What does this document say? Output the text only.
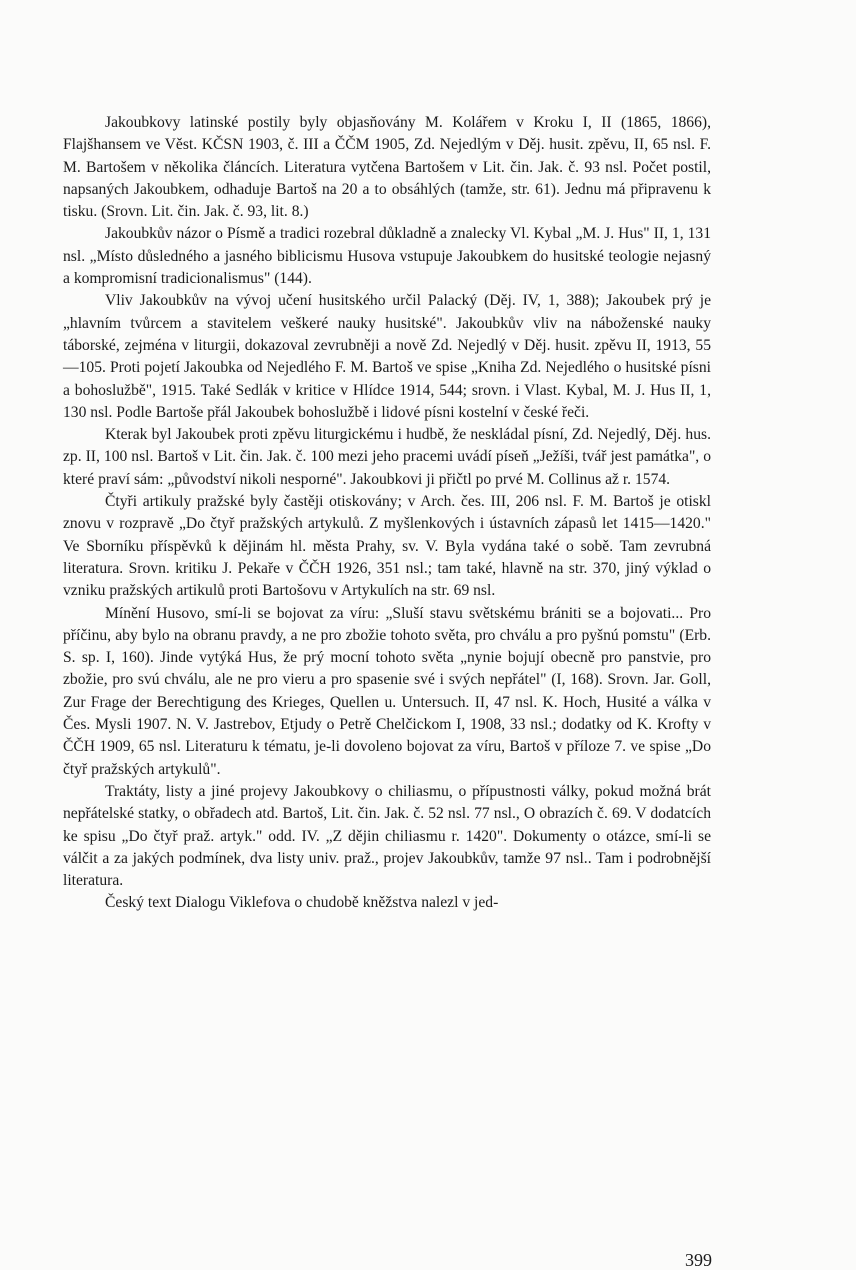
Jakoubkovy latinské postily byly objasňovány M. Kolářem v Kroku I, II (1865, 1866), Flajšhansem ve Věst. KČSN 1903, č. III a ČČM 1905, Zd. Nejedlým v Děj. husit. zpěvu, II, 65 nsl. F. M. Bartošem v několika článcích. Literatura vytčena Bartošem v Lit. čin. Jak. č. 93 nsl. Počet postil, napsaných Jakoubkem, odhaduje Bartoš na 20 a to obsáhlých (tamže, str. 61). Jednu má připravenu k tisku. (Srovn. Lit. čin. Jak. č. 93, lit. 8.)

Jakoubkův názor o Písmě a tradici rozebral důkladně a znalecky Vl. Kybal „M. J. Hus" II, 1, 131 nsl. „Místo důsledného a jasného biblicismu Husova vstupuje Jakoubkem do husitské teologie nejasný a kompromisní tradicionalismus" (144).

Vliv Jakoubkův na vývoj učení husitského určil Palacký (Děj. IV, 1, 388); Jakoubek prý je „hlavním tvůrcem a stavitelem veškeré nauky husitské". Jakoubkův vliv na náboženské nauky táborské, zejména v liturgii, dokazoval zevrubněji a nově Zd. Nejedlý v Děj. husit. zpěvu II, 1913, 55—105. Proti pojetí Jakoubka od Nejedlého F. M. Bartoš ve spise „Kniha Zd. Nejedlého o husitské písni a bohoslužbě", 1915. Také Sedlák v kritice v Hlídce 1914, 544; srovn. i Vlast. Kybal, M. J. Hus II, 1, 130 nsl. Podle Bartoše přál Jakoubek bohoslužbě i lidové písni kostelní v české řeči.

Kterak byl Jakoubek proti zpěvu liturgickému i hudbě, že neskládal písní, Zd. Nejedlý, Děj. hus. zp. II, 100 nsl. Bartoš v Lit. čin. Jak. č. 100 mezi jeho pracemi uvádí píseň „Ježíši, tvář jest památka", o které praví sám: „původství nikoli nesporné". Jakoubkovi ji přičtl po prvé M. Collinus až r. 1574.

Čtyři artikuly pražské byly častěji otiskovány; v Arch. čes. III, 206 nsl. F. M. Bartoš je otiskl znovu v rozpravě „Do čtyř pražských artykulů. Z myšlenkových i ústavních zápasů let 1415—1420." Ve Sborníku příspěvků k dějinám hl. města Prahy, sv. V. Byla vydána také o sobě. Tam zevrubná literatura. Srovn. kritiku J. Pekaře v ČČH 1926, 351 nsl.; tam také, hlavně na str. 370, jiný výklad o vzniku pražských artikulů proti Bartošovu v Artykulích na str. 69 nsl.

Mínění Husovo, smí-li se bojovat za víru: „Sluší stavu světskému brániti se a bojovati... Pro příčinu, aby bylo na obranu pravdy, a ne pro zbožie tohoto světa, pro chválu a pro pyšnú pomstu" (Erb. S. sp. I, 160). Jinde vytýká Hus, že prý mocní tohoto světa „nynie bojují obecně pro panstvie, pro zbožie, pro svú chválu, ale ne pro vieru a pro spasenie své i svých nepřátel" (I, 168). Srovn. Jar. Goll, Zur Frage der Berechtigung des Krieges, Quellen u. Untersuch. II, 47 nsl. K. Hoch, Husité a válka v Čes. Mysli 1907. N. V. Jastrebov, Etjudy o Petrě Chelčickom I, 1908, 33 nsl.; dodatky od K. Krofty v ČČH 1909, 65 nsl. Literaturu k tématu, je-li dovoleno bojovat za víru, Bartoš v příloze 7. ve spise „Do čtyř pražských artykulů".

Traktáty, listy a jiné projevy Jakoubkovy o chiliasmu, o přípustnosti války, pokud možná brát nepřátelské statky, o obřadech atd. Bartoš, Lit. čin. Jak. č. 52 nsl. 77 nsl., O obrazích č. 69. V dodatcích ke spisu „Do čtyř praž. artyk." odd. IV. „Z dějin chiliasmu r. 1420". Dokumenty o otázce, smí-li se válčit a za jakých podmínek, dva listy univ. praž., projev Jakoubkův, tamže 97 nsl.. Tam i podrobnější literatura.

Český text Dialogu Viklefova o chudobě kněžstva nalezl v jed-

399
